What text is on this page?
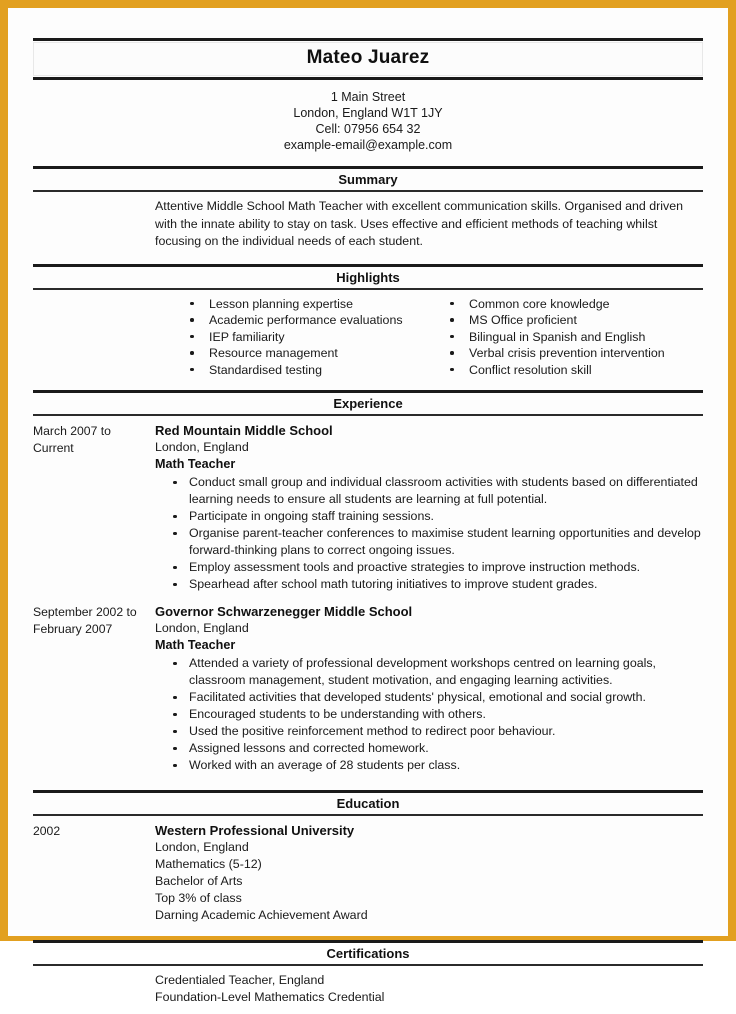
Mateo Juarez
1 Main Street
London, England W1T 1JY
Cell: 07956 654 32
example-email@example.com
Summary
Attentive Middle School Math Teacher with excellent communication skills. Organised and driven with the innate ability to stay on task. Uses effective and efficient methods of teaching whilst focusing on the individual needs of each student.
Highlights
Lesson planning expertise
Academic performance evaluations
IEP familiarity
Resource management
Standardised testing
Common core knowledge
MS Office proficient
Bilingual in Spanish and English
Verbal crisis prevention intervention
Conflict resolution skill
Experience
March 2007 to
Current
Red Mountain Middle School
London, England
Math Teacher
Conduct small group and individual classroom activities with students based on differentiated learning needs to ensure all students are learning at full potential.
Participate in ongoing staff training sessions.
Organise parent-teacher conferences to maximise student learning opportunities and develop forward-thinking plans to correct ongoing issues.
Employ assessment tools and proactive strategies to improve instruction methods.
Spearhead after school math tutoring initiatives to improve student grades.
September 2002 to
February 2007
Governor Schwarzenegger Middle School
London, England
Math Teacher
Attended a variety of professional development workshops centred on learning goals, classroom management, student motivation, and engaging learning activities.
Facilitated activities that developed students' physical, emotional and social growth.
Encouraged students to be understanding with others.
Used the positive reinforcement method to redirect poor behaviour.
Assigned lessons and corrected homework.
Worked with an average of 28 students per class.
Education
2002	Western Professional University
London, England
Mathematics (5-12)
Bachelor of Arts
Top 3% of class
Darning Academic Achievement Award
Certifications
Credentialed Teacher, England
Foundation-Level Mathematics Credential
